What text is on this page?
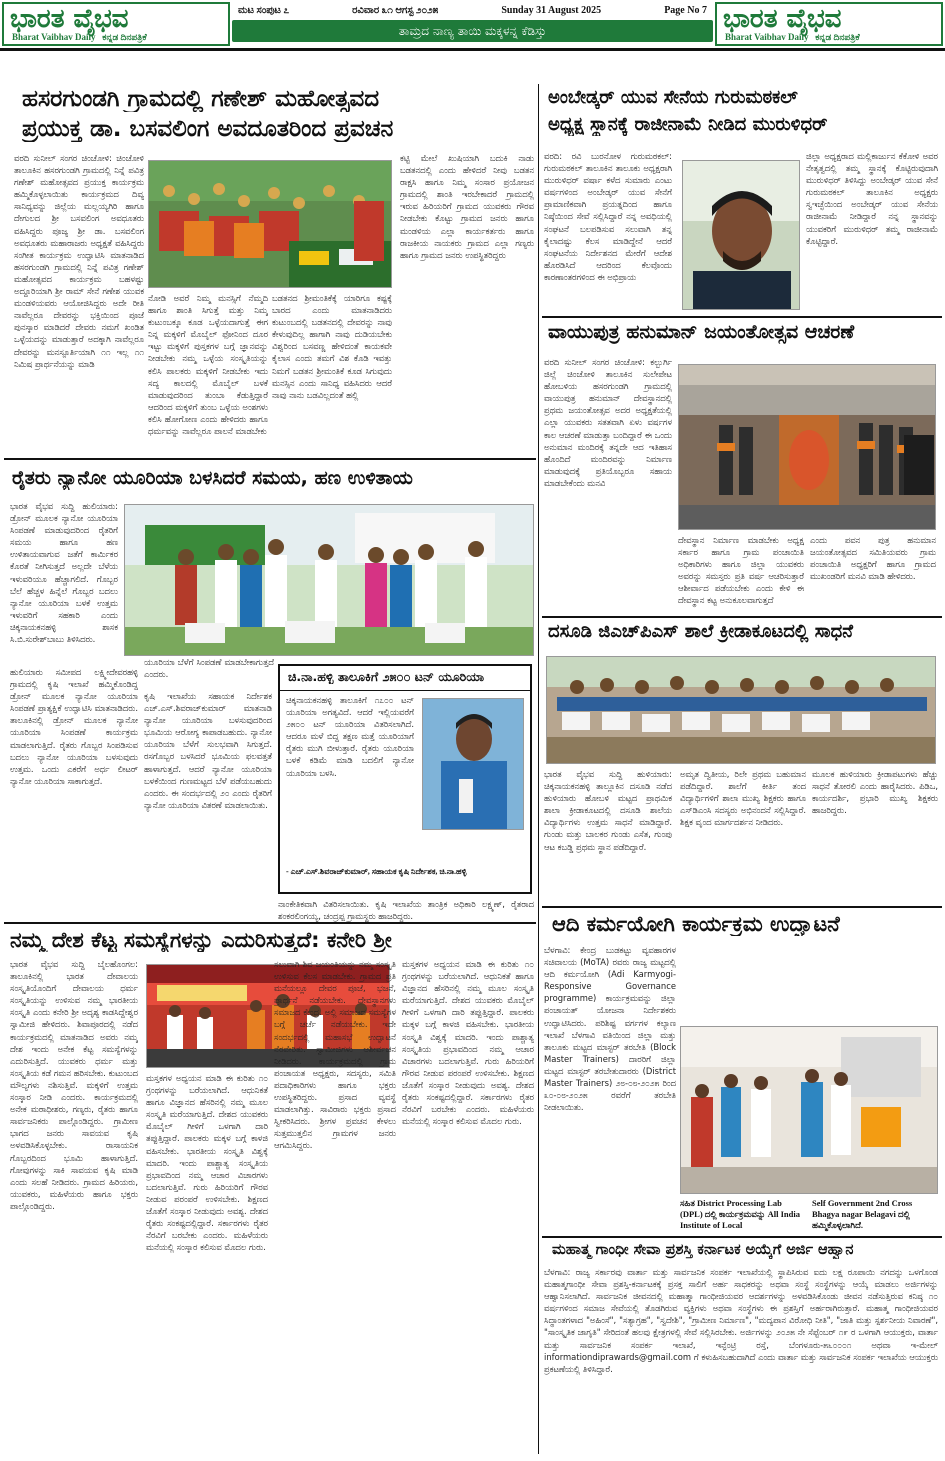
ಭಾರತ ವೈಭವ
Bharat Vaibhav Daily ಕನ್ನಡ ದಿನಪತ್ರಿಕೆ
ಮಟ ಸಂಪುಟ ೭	ರವಿವಾರ ೩೧ ಆಗಸ್ಟ ೨೦೨೫	Sunday 31 August 2025	Page No 7
ತಾಮ್ರದ ನಾಣ್ಯ ತಾಯಿ ಮಕ್ಕಳನ್ನ ಕೆಡಿಸ್ತು	ಭಾರತ ವೈಭವ
Bharat Vaibhav Daily ಕನ್ನಡ ದಿನಪತ್ರಿಕೆ
ಹಸರಗುಂಡಗಿ ಗ್ರಾಮದಲ್ಲಿ ಗಣೇಶ್ ಮಹೋತ್ಸವದ
ಪ್ರಯುಕ್ತ ಡಾ. ಬಸವಲಿಂಗ ಅವದೂತರಿಂದ ಪ್ರವಚನ
ವರದಿ ಸುನೀಲ್ ಸಂಗರ ಚಿಂಚೋಳಿ: ಚಿಂಚೋಳಿ ತಾಲೂಕಿನ ಹಸರಗುಂಡಗಿ ಗ್ರಾಮದಲ್ಲಿ ನಿನ್ನೆ ಪವಿತ್ರ ಗಣೇಶ್ ಮಹೋತ್ಸವದ ಪ್ರಯುಕ್ತ ಕಾರ್ಯಕ್ರಮ ಹಮ್ಮಿಕೊಳ್ಳಲಾಯಿತು ಕಾರ್ಯಕ್ರಮದ ದಿವ್ಯ ಸಾನಿಧ್ಯವನ್ನು ಜಿಲ್ಲೆಯ ಮಲ್ಲಯ್ಯಗಿರಿ ಹಾಗೂ ದೇಗುಲದ ಶ್ರೀ ಬಸವಲಿಂಗ ಅವಧೂತರು ವಹಿಸಿದ್ದರು ಪೂಜ್ಯ ಶ್ರೀ ಡಾ. ಬಸವಲಿಂಗ ಅವಧೂತರು ಮಹಾರಾಜರು ಅಧ್ಯಕ್ಷತೆ ವಹಿಸಿದ್ದರು ಸಂಗೀತ ಕಾರ್ಯಕ್ರಮ ಉದ್ಘಾಟಿಸಿ ಮಾತನಾಡಿದ ಹಸರಗುಂಡಗಿ ಗ್ರಾಮದಲ್ಲಿ ನಿನ್ನೆ ಪವಿತ್ರ ಗಣೇಶ್ ಮಹೋತ್ಸವದ ಕಾರ್ಯಕ್ರಮ ಬಹಳಷ್ಟು ಅದ್ದೂರಿಯಾಗಿ ಶ್ರೀ ರಾಮ್ ಸೇನೆ ಗಣೇಶ ಯುವಕ ಮಂಡಳಿಯವರು ಆಯೋಜಿಸಿದ್ದರು ಅದೇ ರೀತಿ ನಾವೆಲ್ಲರೂ ದೇವರನ್ನು ಭಕ್ತಿಯಿಂದ ಪೂಜೆ ಪುನಸ್ಕಾರ ಮಾಡಿದರೆ ದೇವರು ನಮಗೆ ಖಂಡಿತ ಒಳ್ಳೆಯದನ್ನು ಮಾಡುತ್ತಾರೆ ಅದಕ್ಕಾಗಿ ನಾವೆಲ್ಲರೂ ದೇವರನ್ನು ಮನಸ್ಪೂರ್ತಿಯಾಗಿ ೧೧ ಇಲ್ಲ ೧೧ ನಿಮಿಷ ಪ್ರಾರ್ಥನೆಯನ್ನು ಮಾಡಿ
ನೋಡಿ ಅವರೆ ನಿಮ್ಮ ಮನಸ್ಸಿಗೆ ನೆಮ್ಮದಿ ಹಾಗೂ ಶಾಂತಿ ಸಿಗುತ್ತೆ ಮತ್ತು ನಿಮ್ಮ ಕುಟುಂಬಕ್ಕೂ ಕೂಡ ಒಳ್ಳೆಯದಾಗುತ್ತೆ ಈಗ ನಿನ್ನ ಮಕ್ಕಳಿಗೆ ಮೊಬೈಲ್ ಫೋನಿಂದ ದೂರ ಇಟ್ಟು ಮಕ್ಕಳಿಗೆ ಪುಸ್ತಕಗಳ ಬಗ್ಗೆ ಜ್ಞಾನವನ್ನು ನೀಡಬೇಕು ನಮ್ಮ ಒಳ್ಳೆಯ ಸಂಸ್ಕೃತಿಯನ್ನು ಕಲಿಸಿ ಪಾಲಕರು ಮಕ್ಕಳಿಗೆ ನೀಡಬೇಕು ಇದು ಸದ್ಯ ಕಾಲದಲ್ಲಿ ಮೊಬೈಲ್ ಬಳಕೆ ಮಾಡುವುದರಿಂದ ತುಂಬಾ ಕೆಡುತ್ತಿದ್ದಾರೆ ಆದರಿಂದ ಮಕ್ಕಳಿಗೆ ತುಂಬ ಒಳ್ಳೆಯ ಅಂಶಗಳು ಕಲಿಸಿ ಹೋಗೋಣ ಎಂದು ಹೇಳಿದರು ಹಾಗೂ ಧರ್ಮವನ್ನು ನಾವೆಲ್ಲರೂ ಪಾಲನೆ ಮಾಡಬೇಕು
ಬಡತನದ ಶ್ರೀಮಂತಿಕೆಕ್ಕೆ ಯಾರಿಗೂ ಕಷ್ಟಕ್ಕೆ ಬಾರದ ಎಂದು ಮಾತನಾಡಿದರು ಕುಟುಂಬದಲ್ಲಿ ಬಡತನದಲ್ಲಿ ದೇವರನ್ನು ನಾವು ಕೇಳುವುದಿಲ್ಲ ಹಾಗಾಗಿ ನಾವು ದುಡಿಯಬೇಕು ವಿಶ್ವರಿಂದ ಬಸವಣ್ಣ ಹೇಳಿದಂತೆ ಕಾಯಕವೇ ಕೈಲಾಸ ಎಂದು ತಮಗೆ ವಿಶ ಕೊಡಿ ಇವತ್ತು ನಿಮಗೆ ಬಡತನ ಶ್ರೀಮಂತಿಕೆ ಕೂಡ ಸಿಗುವುದು ಮನಸ್ಸಿನ ಎಂದು ಸಾನಿಧ್ಯ ವಹಿಸಿದರು ಆದರೆ ನಾವು ನಾನು ಬಡವಿಲ್ಲದಂತೆ ಹಲ್ಲಿ
ಕಟ್ಟಿ ಮೇಲೆ ಖುಷಿಯಾಗಿ ಬದುಕಿ ನಾಡು ಬಡತನದಲ್ಲಿ ಎಂದು ಹೇಳಿದರೆ ನೀವು ಬಡತನ ರಾಕ್ಷಸಿ ಹಾಗೂ ನಿಮ್ಮ ಸಂಸಾರ ಪ್ರಯೋಜನ ಗ್ರಾಮದಲ್ಲಿ ಶಾಂತಿ ಇರಬೇಕಾದರೆ ಗ್ರಾಮದಲ್ಲಿ ಇರುವ ಹಿರಿಯರಿಗೆ ಗ್ರಾಮದ ಯುವಕರು ಗೌರವ ನೀಡಬೇಕು ಕೊಟ್ಟು ಗ್ರಾಮದ ಜನರು ಹಾಗೂ ಮಂಡಳಿಯ ಎಲ್ಲಾ ಕಾರ್ಯಕರ್ತರು ಹಾಗೂ ರಾಜಕೀಯ ನಾಯಕರು ಗ್ರಾಮದ ಎಲ್ಲಾ ಗಣ್ಯರು ಹಾಗೂ ಗ್ರಾಮದ ಜನರು ಉಪಸ್ಥಿತರಿದ್ದರು
ಅಂಬೇಡ್ಕರ್ ಯುವ ಸೇನೆಯ ಗುರುಮಠಕಲ್
ಅಧ್ಯಕ್ಷ ಸ್ಥಾನಕ್ಕೆ ರಾಜೀನಾಮೆ ನೀಡಿದ ಮುರುಳಿಧರ್
ವರದಿ: ರವಿ ಬುರನೋಳ ಗುರುಮಠಕಲ್: ಗುರುಮಠಕಲ್ ತಾಲೂಕಿನ ತಾಲೂಕು ಅಧ್ಯಕ್ಷರಾಗಿ ಮುರುಳಿಧರ್ ವರ್ಷಾ ಕಳೆದ ಸುಮಾರು ಎಂಟು ವರ್ಷಗಳಿಂದ ಅಂಬೇಡ್ಕರ್ ಯುವ ಸೇನೆಗೆ ಪ್ರಾಮಾಣಿಕವಾಗಿ ಪ್ರಯತ್ನದಿಂದ ಹಾಗೂ ನಿಷ್ಠೆಯಿಂದ ಸೇವೆ ಸಲ್ಲಿಸಿದ್ದಾರೆ ನನ್ನ ಅವಧಿಯಲ್ಲಿ ಸಂಘಟನೆ ಬಲಪಡಿಸುವ ಸಲುವಾಗಿ ತನ್ನ ಕೈಲಾದಷ್ಟು ಕೆಲಸ ಮಾಡಿದ್ದೇನೆ ಆದರೆ ಸಂಘಟನೆಯ ನಿರ್ದೇಶನದ ಮೇರೆಗೆ ಆದೇಶ ಹೊರಡಿಸಿದೆ ಆದರಿಂದ ಕೆಲವೊಂದು ಕಾರಣಾಂತರಗಳಿಂದ ಈ ಅಭಿಪ್ರಾಯ
ಜಿಲ್ಲಾ ಅಧ್ಯಕ್ಷರಾದ ಮಲ್ಲಿಕಾರ್ಜುನ ಕೆಕೋಳಿ ಅವರ ನೇತೃತ್ವದಲ್ಲಿ ತಮ್ಮ ಸ್ಥಾನಕ್ಕೆ ಕೊಟ್ಟಿರುವುದಾಗಿ ಮುರುಳಿಧರ್ ತಿಳಿಸಿದ್ದು ಅಂಬೇಡ್ಕರ್ ಯುವ ಸೇನೆ ಗುರುಮಠಕಲ್ ತಾಲೂಕಿನ ಅಧ್ಯಕ್ಷರು ಸ್ವಇಚ್ಛೆಯಿಂದ ಅಂಬೇಡ್ಕರ್ ಯುವ ಸೇನೆಯ ರಾಜೀನಾಮೆ ನೀಡಿದ್ದಾರೆ ನನ್ನ ಸ್ಥಾನವನ್ನು ಯುವಕರಿಗೆ ಮುರುಳಿಧರ್ ತಮ್ಮ ರಾಜೀನಾಮೆ ಕೊಟ್ಟಿದ್ದಾರೆ.
ವಾಯುಪುತ್ರ ಹನುಮಾನ್ ಜಯಂತೋತ್ಸವ ಆಚರಣೆ
ವರದಿ ಸುನೀಲ್ ಸಂಗರ ಚಿಂಚೋಳಿ: ಕಲ್ಬುರ್ಗಿ ಜಿಲ್ಲೆ ಚಿಂಚೋಳಿ ತಾಲೂಕಿನ ಸುಲೇಪೇಟ ಹೋಬಳಿಯ ಹಸರಗುಂಡಗಿ ಗ್ರಾಮದಲ್ಲಿ ವಾಯುಪುತ್ರ ಹನುಮಾನ್ ದೇವಸ್ಥಾನದಲ್ಲಿ ಪ್ರಥಮ ಜಯಂತೋತ್ಸವ ಅದರ ಅಧ್ಯಕ್ಷತೆಯಲ್ಲಿ ಎಲ್ಲಾ ಯುವಕರು ಸತತವಾಗಿ ಏಳು ವರ್ಷಗಳ ಕಾಲ ಆಚರಣೆ ಮಾಡುತ್ತಾ ಬಂದಿದ್ದಾರೆ ಈ ಒಂದು ಅನುಮಾನ ಮಂದಿರಕ್ಕೆ ತನ್ನದೇ ಆದ ಇತಿಹಾಸ ಹೊಂದಿದೆ ಮಂದಿರವನ್ನು ನಿರ್ಮಾಣ ಮಾಡುವುದಕ್ಕೆ ಪ್ರತಿಯೊಬ್ಬರೂ ಸಹಾಯ ಮಾಡಬೇಕೆಂದು ಮನವಿ
ದೇವಸ್ಥಾನ ನಿರ್ಮಾಣ ಮಾಡಬೇಕು ಅಧ್ಯಕ್ಷ ಸರ್ಕಾರ ಹಾಗೂ ಗ್ರಾಮ ಪಂಚಾಯಿತಿ ಅಧಿಕಾರಿಗಳು ಹಾಗೂ ಜಿಲ್ಲಾ ಯುವಕರು ಅವರನ್ನು ಸಮಸ್ತರು ಪ್ರತಿ ವರ್ಷ ಆಚರಿಸುತ್ತಾರೆ ಆಶೀರ್ವಾದ ಪಡೆಯಬೇಕು ಎಂದು ಕೇಳಿ ಈ ದೇವಸ್ಥಾನ ಕಟ್ಟ ಅನುಕೂಲವಾಗುತ್ತದೆ
ಎಂದು ಪವನ ಪುತ್ರ ಹನುಮಾನ ಜಯಂತೋತ್ಸವದ ಸಮಿತಿಯವರು ಗ್ರಾಮ ಪಂಚಾಯಿತಿ ಅಧ್ಯಕ್ಷರಿಗೆ ಹಾಗೂ ಗ್ರಾಮದ ಮುಖಂಡರಿಗೆ ಮನವಿ ಮಾಡಿ ಹೇಳಿದರು.
ರೈತರು ನ್ಯಾನೋ ಯೂರಿಯಾ ಬಳಸಿದರೆ ಸಮಯ, ಹಣ ಉಳಿತಾಯ
ಭಾರತ ವೈಭವ ಸುದ್ದಿ ಹುಲಿಯಾರು: ಡ್ರೋನ್ ಮೂಲಕ ನ್ಯಾನೋ ಯೂರಿಯಾ ಸಿಂಪಡಣೆ ಮಾಡುವುದರಿಂದ ರೈತರಿಗೆ ಸಮಯ ಹಾಗೂ ಹಣ ಉಳಿತಾಯವಾಗುವ ಜತೆಗೆ ಕಾರ್ಮಿಕರ ಕೊರತೆ ನೀಗಿಸುತ್ತದೆ ಅಲ್ಲದೇ ಬೆಳೆಯ ಇಳುವರಿಯೂ ಹೆಚ್ಚಾಗಲಿದೆ. ಗೊಬ್ಬರ ಬೆಲೆ ಹೆಚ್ಚಳ ಹಿನ್ನೆಲೆ ಗೊಬ್ಬರ ಬದಲು ನ್ಯಾನೋ ಯೂರಿಯಾ ಬಳಕೆ ಉತ್ತಮ ಇಳುವರಿಗೆ ಸಹಕಾರಿ ಎಂದು ಚಿಕ್ಕನಾಯಕನಹಳ್ಳಿ ಶಾಸಕ ಸಿ.ಬಿ.ಸುರೇಶ್‌ಬಾಬು ತಿಳಿಸಿದರು.
ಹುಲಿಯಾರು ಸಮೀಪದ ಲಕ್ಷ್ಮೀದೇವರಹಳ್ಳಿ ಗ್ರಾಮದಲ್ಲಿ ಕೃಷಿ ಇಲಾಖೆ ಹಮ್ಮಿಕೊಂಡಿದ್ದ ಡ್ರೋನ್ ಮೂಲಕ ನ್ಯಾನೋ ಯೂರಿಯಾ ಸಿಂಪಡಣೆ ಪ್ರಾತ್ಯಕ್ಷಿಕೆ ಉದ್ಘಾಟಿಸಿ ಮಾತನಾಡಿದರು. ತಾಲೂಕಿನಲ್ಲಿ ಡ್ರೋನ್ ಮೂಲಕ ನ್ಯಾನೋ ಯೂರಿಯಾ ಸಿಂಪಡಣೆ ಕಾರ್ಯಕ್ರಮ ಮಾಡಲಾಗುತ್ತಿದೆ. ರೈತರು ಗೊಬ್ಬರ ಸಿಂಪಡಿಸುವ ಬದಲು ನ್ಯಾನೋ ಯೂರಿಯಾ ಬಳಸುವುದು ಉತ್ತಮ. ಒಂದು ಎಕರೆಗೆ ಅರ್ಧ ಲೀಟರ್ ನ್ಯಾನೋ ಯೂರಿಯಾ ಸಾಕಾಗುತ್ತದೆ.
ಯೂರಿಯಾ ಬೆಳೆಗೆ ಸಿಂಪಡಣೆ ಮಾಡಬೇಕಾಗುತ್ತದೆ ಎಂದರು.
ಕೃಷಿ ಇಲಾಖೆಯ ಸಹಾಯಕ ನಿರ್ದೇಶಕ ಎಚ್.ಎಸ್.ಶಿವರಾಜ್‌ಕುಮಾರ್ ಮಾತನಾಡಿ ನ್ಯಾನೋ ಯೂರಿಯಾ ಬಳಸುವುದರಿಂದ ಭೂಮಿಯ ಆರೋಗ್ಯ ಕಾಪಾಡಬಹುದು. ನ್ಯಾನೋ ಯೂರಿಯಾ ಬೆಳೆಗೆ ಸುಲಭವಾಗಿ ಸಿಗುತ್ತದೆ. ರಸಗೊಬ್ಬರ ಬಳಸಿದರೆ ಭೂಮಿಯ ಫಲವತ್ತತೆ ಹಾಳಾಗುತ್ತದೆ. ಆದರೆ ನ್ಯಾನೋ ಯೂರಿಯಾ ಬಳಕೆಯಿಂದ ಗುಣಮಟ್ಟದ ಬೆಳೆ ಪಡೆಯಬಹುದು ಎಂದರು. ಈ ಸಂದರ್ಭದಲ್ಲಿ ೨೦ ಎಂದು ರೈತರಿಗೆ ನ್ಯಾನೋ ಯೂರಿಯಾ ವಿತರಣೆ ಮಾಡಲಾಯಿತು.
ಚಿ.ನಾ.ಹಳ್ಳಿ ತಾಲೂಕಿಗೆ ೨೫೦೦ ಟನ್ ಯೂರಿಯಾ
ಚಿಕ್ಕನಾಯಕನಹಳ್ಳಿ ತಾಲೂಕಿಗೆ ೧೭೦೦ ಟನ್ ಯೂರಿಯಾ ಅಗತ್ಯವಿದೆ. ಆದರೆ ಇಲ್ಲಿಯವರೆಗೆ ೨೫೦೦ ಟನ್ ಯೂರಿಯಾ ವಿತರಿಸಲಾಗಿದೆ. ಆದರೂ ಮಳೆ ಬಿದ್ದ ತಕ್ಷಣ ಮತ್ತೆ ಯೂರಿಯಾಗೆ ರೈತರು ಮುಗಿ ಬೀಳುತ್ತಾರೆ. ರೈತರು ಯೂರಿಯಾ ಬಳಕೆ ಕಡಿಮೆ ಮಾಡಿ ಬದಲಿಗೆ ನ್ಯಾನೋ ಯೂರಿಯಾ ಬಳಸಿ.
- ಎಚ್.ಎಸ್.ಶಿವರಾಜ್‌ಕುಮಾರ್, ಸಹಾಯಕ ಕೃಷಿ ನಿರ್ದೇಶಕ, ಚಿ.ನಾ.ಹಳ್ಳಿ
ನಾಂಕೇತಿಕವಾಗಿ ವಿತರಿಸಲಾಯಿತು. ಕೃಷಿ ಇಲಾಖೆಯ ತಾಂತ್ರಿಕ ಅಧಿಕಾರಿ ಲಕ್ಷ್ಮಣ್, ರೈತರಾದ ಶಂಕರಲಿಂಗಯ್ಯ, ಚಂದ್ರಪ್ಪ ಗ್ರಾಮಸ್ಥರು ಹಾಜರಿದ್ದರು.
ದಸೂಡಿ ಜಿಎಚ್‌ಪಿಎಸ್ ಶಾಲೆ ಕ್ರೀಡಾಕೂಟದಲ್ಲಿ ಸಾಧನೆ
ಭಾರತ ವೈಭವ ಸುದ್ದಿ ಹುಳಿಯಾರು: ಚಿಕ್ಕನಾಯಕನಹಳ್ಳಿ ತಾಲ್ಲೂಕಿನ ದಸೂಡಿ ನಡೆದ ಹುಳಿಯಾರು ಹೋಬಳಿ ಮಟ್ಟದ ಪ್ರಾಥಮಿಕ ಶಾಲಾ ಕ್ರೀಡಾಕೂಟದಲ್ಲಿ ದಸೂಡಿ ಶಾಲೆಯ ವಿದ್ಯಾರ್ಥಿಗಳು ಉತ್ತಮ ಸಾಧನೆ ಮಾಡಿದ್ದಾರೆ. ಗುಂಡು ಮತ್ತು ಬಾಲಕರ ಗುಂಡು ಎಸೆತ, ಗುಂಪು ಆಟ ಕಬಡ್ಡಿ ಪ್ರಥಮ ಸ್ಥಾನ ಪಡೆದಿದ್ದಾರೆ.
ಅಮೃತ ದ್ವಿತೀಯ, ರಿಲೇ ಪ್ರಥಮ ಬಹುಮಾನ ಪಡೆದಿದ್ದಾರೆ. ಶಾಲೆಗೆ ಕೀರ್ತಿ ತಂದ ವಿದ್ಯಾರ್ಥಿಗಳಿಗೆ ಶಾಲಾ ಮುಖ್ಯ ಶಿಕ್ಷಕರು ಹಾಗೂ ಎಸ್‌ಡಿಎಂಸಿ ಸದಸ್ಯರು ಅಭಿನಂದನೆ ಸಲ್ಲಿಸಿದ್ದಾರೆ. ಶಿಕ್ಷಕ ವೃಂದ ಮಾರ್ಗದರ್ಶನ ನೀಡಿದರು.
ಮೂಲಕ ಹುಳಿಯಾರು ಕ್ರೀಡಾಪಟುಗಳು ಹೆಚ್ಚು ಸಾಧನೆ ತೋರಲಿ ಎಂದು ಹಾರೈಸಿದರು. ಪಿಡಿಒ, ಕಾರ್ಯದರ್ಶಿ, ಪ್ರಭಾರಿ ಮುಖ್ಯ ಶಿಕ್ಷಕರು ಹಾಜರಿದ್ದರು.
ನಮ್ಮ ದೇಶ ಕೆಟ್ಟ ಸಮಸ್ಯೆಗಳನ್ನು ಎದುರಿಸುತ್ತದೆ: ಕನೇರಿ ಶ್ರೀ
ಭಾರತ ವೈಭವ ಸುದ್ದಿ ಬೈಲಹೊಂಗಲ: ತಾಲೂಕಿನಲ್ಲಿ ಭಾರತ ದೇವಾಲಯ ಸಂಸ್ಕೃತಿಯೊಂದಿಗೆ ದೇವಾಲಯ ಧರ್ಮ ಸಂಸ್ಕೃತಿಯನ್ನು ಉಳಿಸುವ ನಮ್ಮ ಭಾರತೀಯ ಸಂಸ್ಕೃತಿ ಎಂದು ಕನೇರಿ ಶ್ರೀ ಅದೃಶ್ಯ ಕಾಡಸಿದ್ದೇಶ್ವರ ಸ್ವಾಮೀಜಿ ಹೇಳಿದರು. ಶಿವಾಪೂರದಲ್ಲಿ ನಡೆದ ಕಾರ್ಯಕ್ರಮದಲ್ಲಿ ಮಾತನಾಡಿದ ಅವರು ನಮ್ಮ ದೇಶ ಇಂದು ಅನೇಕ ಕೆಟ್ಟ ಸಮಸ್ಯೆಗಳನ್ನು ಎದುರಿಸುತ್ತಿದೆ. ಯುವಕರು ಧರ್ಮ ಮತ್ತು ಸಂಸ್ಕೃತಿಯ ಕಡೆ ಗಮನ ಹರಿಸಬೇಕು. ಕುಟುಂಬದ ಮೌಲ್ಯಗಳು ನಶಿಸುತ್ತಿವೆ. ಮಕ್ಕಳಿಗೆ ಉತ್ತಮ ಸಂಸ್ಕಾರ ನೀಡಿ ಎಂದರು. ಕಾರ್ಯಕ್ರಮದಲ್ಲಿ ಅನೇಕ ಮಠಾಧೀಶರು, ಗಣ್ಯರು, ರೈತರು ಹಾಗೂ ಸಾರ್ವಜನಿಕರು ಪಾಲ್ಗೊಂಡಿದ್ದರು. ಗ್ರಾಮೀಣ ಭಾಗದ ಜನರು ಸಾವಯವ ಕೃಷಿ ಅಳವಡಿಸಿಕೊಳ್ಳಬೇಕು. ರಾಸಾಯನಿಕ ಗೊಬ್ಬರದಿಂದ ಭೂಮಿ ಹಾಳಾಗುತ್ತಿದೆ. ಗೋವುಗಳನ್ನು ಸಾಕಿ ಸಾವಯವ ಕೃಷಿ ಮಾಡಿ ಎಂದು ಸಲಹೆ ನೀಡಿದರು. ಗ್ರಾಮದ ಹಿರಿಯರು, ಯುವಕರು, ಮಹಿಳೆಯರು ಹಾಗೂ ಭಕ್ತರು ಪಾಲ್ಗೊಂಡಿದ್ದರು.
ಮಸ್ತಕಗಳ ಅಧ್ಯಯನ ಮಾಡಿ ಈ ಕುರಿತು ೧೦ ಗ್ರಂಥಗಳನ್ನು ಬರೆಯಲಾಗಿದೆ. ಆಧುನಿಕತೆ ಹಾಗೂ ವಿಜ್ಞಾನದ ಹೆಸರಿನಲ್ಲಿ ನಮ್ಮ ಮೂಲ ಸಂಸ್ಕೃತಿ ಮರೆಯಾಗುತ್ತಿದೆ. ದೇಶದ ಯುವಕರು ಮೊಬೈಲ್ ಗೀಳಿಗೆ ಒಳಗಾಗಿ ದಾರಿ ತಪ್ಪುತ್ತಿದ್ದಾರೆ. ಪಾಲಕರು ಮಕ್ಕಳ ಬಗ್ಗೆ ಕಾಳಜಿ ವಹಿಸಬೇಕು. ಭಾರತೀಯ ಸಂಸ್ಕೃತಿ ವಿಶ್ವಕ್ಕೆ ಮಾದರಿ. ಇಂದು ಪಾಶ್ಚಾತ್ಯ ಸಂಸ್ಕೃತಿಯ ಪ್ರಭಾವದಿಂದ ನಮ್ಮ ಆಚಾರ ವಿಚಾರಗಳು ಬದಲಾಗುತ್ತಿವೆ. ಗುರು ಹಿರಿಯರಿಗೆ ಗೌರವ ನೀಡುವ ಪರಂಪರೆ ಉಳಿಸಬೇಕು. ಶಿಕ್ಷಣದ ಜೊತೆಗೆ ಸಂಸ್ಕಾರ ನೀಡುವುದು ಅವಶ್ಯ. ದೇಶದ ರೈತರು ಸಂಕಷ್ಟದಲ್ಲಿದ್ದಾರೆ. ಸರ್ಕಾರಗಳು ರೈತರ ನೆರವಿಗೆ ಬರಬೇಕು ಎಂದರು. ಮಹಿಳೆಯರು ಮನೆಯಲ್ಲಿ ಸಂಸ್ಕಾರ ಕಲಿಸುವ ಮೊದಲ ಗುರು.
ಸಲುವಾಗಿ ಶಿವ ಜಯಂತಿಯನ್ನು ನಮ್ಮ ಸಂಸ್ಕೃತಿ ಉಳಿಸುವ ಕೆಲಸ ಮಾಡಬೇಕು. ಗ್ರಾಮದ ಪ್ರತಿ ಮನೆಯಲ್ಲೂ ದೇವರ ಪೂಜೆ, ಭಜನೆ, ಪ್ರಾರ್ಥನೆ ನಡೆಯಬೇಕು. ದೇವಸ್ಥಾನಗಳು ಸಮಾಜದ ಕೇಂದ್ರ. ಅಲ್ಲಿ ಸಮಾಜದ ಸಮಸ್ಯೆಗಳ ಬಗ್ಗೆ ಚರ್ಚೆ ನಡೆಯಬೇಕು. ಇದೇ ಸಂದರ್ಭದಲ್ಲಿ ಮಹಾಸಭೆ ಉದ್ಘಾಟನೆ ನೆರವೇರಿತು. ಸ್ವಾಮೀಜಿಗಳು ಆಶೀರ್ವಚನ ನೀಡಿದರು. ಕಾರ್ಯಕ್ರಮದಲ್ಲಿ ಗ್ರಾಮ ಪಂಚಾಯತ ಅಧ್ಯಕ್ಷರು, ಸದಸ್ಯರು, ಸಮಿತಿ ಪದಾಧಿಕಾರಿಗಳು ಹಾಗೂ ಭಕ್ತರು ಉಪಸ್ಥಿತರಿದ್ದರು. ಪ್ರಸಾದ ವ್ಯವಸ್ಥೆ ಮಾಡಲಾಗಿತ್ತು. ಸಾವಿರಾರು ಭಕ್ತರು ಪ್ರಸಾದ ಸ್ವೀಕರಿಸಿದರು. ಶ್ರೀಗಳ ಪ್ರವಚನ ಕೇಳಲು ಸುತ್ತಮುತ್ತಲಿನ ಗ್ರಾಮಗಳ ಜನರು ಆಗಮಿಸಿದ್ದರು.
ಮಸ್ತಕಗಳ ಅಧ್ಯಯನ ಮಾಡಿ ಈ ಕುರಿತು ೧೦ ಗ್ರಂಥಗಳನ್ನು ಬರೆಯಲಾಗಿದೆ. ಆಧುನಿಕತೆ ಹಾಗೂ ವಿಜ್ಞಾನದ ಹೆಸರಿನಲ್ಲಿ ನಮ್ಮ ಮೂಲ ಸಂಸ್ಕೃತಿ ಮರೆಯಾಗುತ್ತಿದೆ. ದೇಶದ ಯುವಕರು ಮೊಬೈಲ್ ಗೀಳಿಗೆ ಒಳಗಾಗಿ ದಾರಿ ತಪ್ಪುತ್ತಿದ್ದಾರೆ. ಪಾಲಕರು ಮಕ್ಕಳ ಬಗ್ಗೆ ಕಾಳಜಿ ವಹಿಸಬೇಕು. ಭಾರತೀಯ ಸಂಸ್ಕೃತಿ ವಿಶ್ವಕ್ಕೆ ಮಾದರಿ. ಇಂದು ಪಾಶ್ಚಾತ್ಯ ಸಂಸ್ಕೃತಿಯ ಪ್ರಭಾವದಿಂದ ನಮ್ಮ ಆಚಾರ ವಿಚಾರಗಳು ಬದಲಾಗುತ್ತಿವೆ. ಗುರು ಹಿರಿಯರಿಗೆ ಗೌರವ ನೀಡುವ ಪರಂಪರೆ ಉಳಿಸಬೇಕು. ಶಿಕ್ಷಣದ ಜೊತೆಗೆ ಸಂಸ್ಕಾರ ನೀಡುವುದು ಅವಶ್ಯ. ದೇಶದ ರೈತರು ಸಂಕಷ್ಟದಲ್ಲಿದ್ದಾರೆ. ಸರ್ಕಾರಗಳು ರೈತರ ನೆರವಿಗೆ ಬರಬೇಕು ಎಂದರು. ಮಹಿಳೆಯರು ಮನೆಯಲ್ಲಿ ಸಂಸ್ಕಾರ ಕಲಿಸುವ ಮೊದಲ ಗುರು.
ಆದಿ ಕರ್ಮಯೋಗಿ ಕಾರ್ಯಕ್ರಮ ಉದ್ಘಾಟನೆ
ಬೆಳಗಾವಿ: ಕೇಂದ್ರ ಬುಡಕಟ್ಟು ವ್ಯವಹಾರಗಳ ಸಚಿವಾಲಯ (MoTA) ರವರು ರಾಜ್ಯ ಮಟ್ಟದಲ್ಲಿ ಆದಿ ಕರ್ಮಯೋಗಿ (Adi Karmyogi- Responsive Governance programme) ಕಾರ್ಯಕ್ರಮವನ್ನು ಜಿಲ್ಲಾ ಪಂಚಾಯತ್ ಯೋಜನಾ ನಿರ್ದೇಶಕರು ಉದ್ಘಾಟಿಸಿದರು. ಪರಿಶಿಷ್ಟ ವರ್ಗಗಳ ಕಲ್ಯಾಣ ಇಲಾಖೆ ಬೆಳಗಾವಿ ವತಿಯಿಂದ ಜಿಲ್ಲಾ ಮತ್ತು ತಾಲೂಕು ಮಟ್ಟದ ಮಾಸ್ಟರ್ ತರಬೇತಿ (Block Master Trainers) ದಾರರಿಗೆ ಜಿಲ್ಲಾ ಮಟ್ಟದ ಮಾಸ್ಟರ್ ತರಬೇತುದಾರರು (District Master Trainers) ೨೮-೦೮-೨೦೨೫ ರಿಂದ ೩೦-೦೮-೨೦೨೫ ರವರೆಗೆ ತರಬೇತಿ ನೀಡಲಾಯಿತು.
ಸಹಿತ District Processing Lab (DPL) ದಲ್ಲಿ ಕಾರ್ಯಕ್ರಮವನ್ನು All India Institute of Local
Self Government 2nd Cross Bhagya nagar Belagavi ದಲ್ಲಿ ಹಮ್ಮಿಕೊಳ್ಳಲಾಗಿದೆ.
ಮಹಾತ್ಮ ಗಾಂಧೀ ಸೇವಾ ಪ್ರಶಸ್ತಿ ಕರ್ನಾಟಕ ಅಯ್ಕೆಗೆ ಅರ್ಜಿ ಆಹ್ವಾನ
ಬೆಳಗಾವಿ: ರಾಜ್ಯ ಸರ್ಕಾರವು ವಾರ್ತಾ ಮತ್ತು ಸಾರ್ವಜನಿಕ ಸಂಪರ್ಕ ಇಲಾಖೆಯಲ್ಲಿ ಸ್ಥಾಪಿಸಿರುವ ಐದು ಲಕ್ಷ ರೂಪಾಯಿ ನಗದನ್ನು ಒಳಗೊಂಡ ಮಹಾತ್ಮಗಾಂಧೀ ಸೇವಾ ಪ್ರಶಸ್ತಿ-ಕರ್ನಾಟಕಕ್ಕೆ ಪ್ರಸಕ್ತ ಸಾಲಿಗೆ ಅರ್ಹ ಸಾಧಕರನ್ನು ಅಥವಾ ಸಂಸ್ಥೆ ಸಂಸ್ಥೆಗಳನ್ನು ಆಯ್ಕೆ ಮಾಡಲು ಅರ್ಜಿಗಳನ್ನು ಆಹ್ವಾನಿಸಲಾಗಿದೆ. ಸಾರ್ವಜನಿಕ ಜೀವನದಲ್ಲಿ ಮಹಾತ್ಮಾ ಗಾಂಧೀಜಿಯವರ ಆದರ್ಶಗಳನ್ನು ಅಳವಡಿಸಿಕೊಂಡು ಜೀವನ ನಡೆಸುತ್ತಿರುವ ಕನಿಷ್ಠ ೧೦ ವರ್ಷಗಳಿಂದ ಸಮಾಜ ಸೇವೆಯಲ್ಲಿ ತೊಡಗಿರುವ ವ್ಯಕ್ತಿಗಳು ಅಥವಾ ಸಂಸ್ಥೆಗಳು ಈ ಪ್ರಶಸ್ತಿಗೆ ಅರ್ಹರಾಗಿರುತ್ತಾರೆ. ಮಹಾತ್ಮ ಗಾಂಧೀಜಿಯವರ ಸಿದ್ಧಾಂತಗಳಾದ "ಅಹಿಂಸೆ", "ಸತ್ಯಾಗ್ರಹ", "ಸ್ವದೇಶಿ", "ಗ್ರಾಮೀಣ ನಿರ್ಮಾಣ", "ಮದ್ಯಪಾನ ವಿರೋಧಿ ನೀತಿ", "ಜಾತಿ ಮತ್ತು ಸ್ಪರ್ಶನೀಯ ನಿವಾರಣೆ", "ಸಾಂಸ್ಕೃತಿಕ ಜಾಗೃತಿ" ಸೇರಿದಂತೆ ಹಲವು ಕ್ಷೇತ್ರಗಳಲ್ಲಿ ಸೇವೆ ಸಲ್ಲಿಸಿರಬೇಕು. ಅರ್ಜಿಗಳನ್ನು ೨೦೨೫ ನೇ ಸೆಪ್ಟೆಂಬರ್ ೧೯ ರ ಒಳಗಾಗಿ ಆಯುಕ್ತರು, ವಾರ್ತಾ ಮತ್ತು ಸಾರ್ವಜನಿಕ ಸಂಪರ್ಕ ಇಲಾಖೆ, ಇನ್ಫೆಂಟ್ರಿ ರಸ್ತೆ, ಬೆಂಗಳೂರು-೫೬೦೦೦೧ ಅಥವಾ ಇ-ಮೇಲ್ informationdiprawards@gmail.com ಗೆ ಕಳುಹಿಸಬಹುದಾಗಿದೆ ಎಂದು ವಾರ್ತಾ ಮತ್ತು ಸಾರ್ವಜನಿಕ ಸಂಪರ್ಕ ಇಲಾಖೆಯ ಆಯುಕ್ತರು ಪ್ರಕಟಣೆಯಲ್ಲಿ ತಿಳಿಸಿದ್ದಾರೆ.
